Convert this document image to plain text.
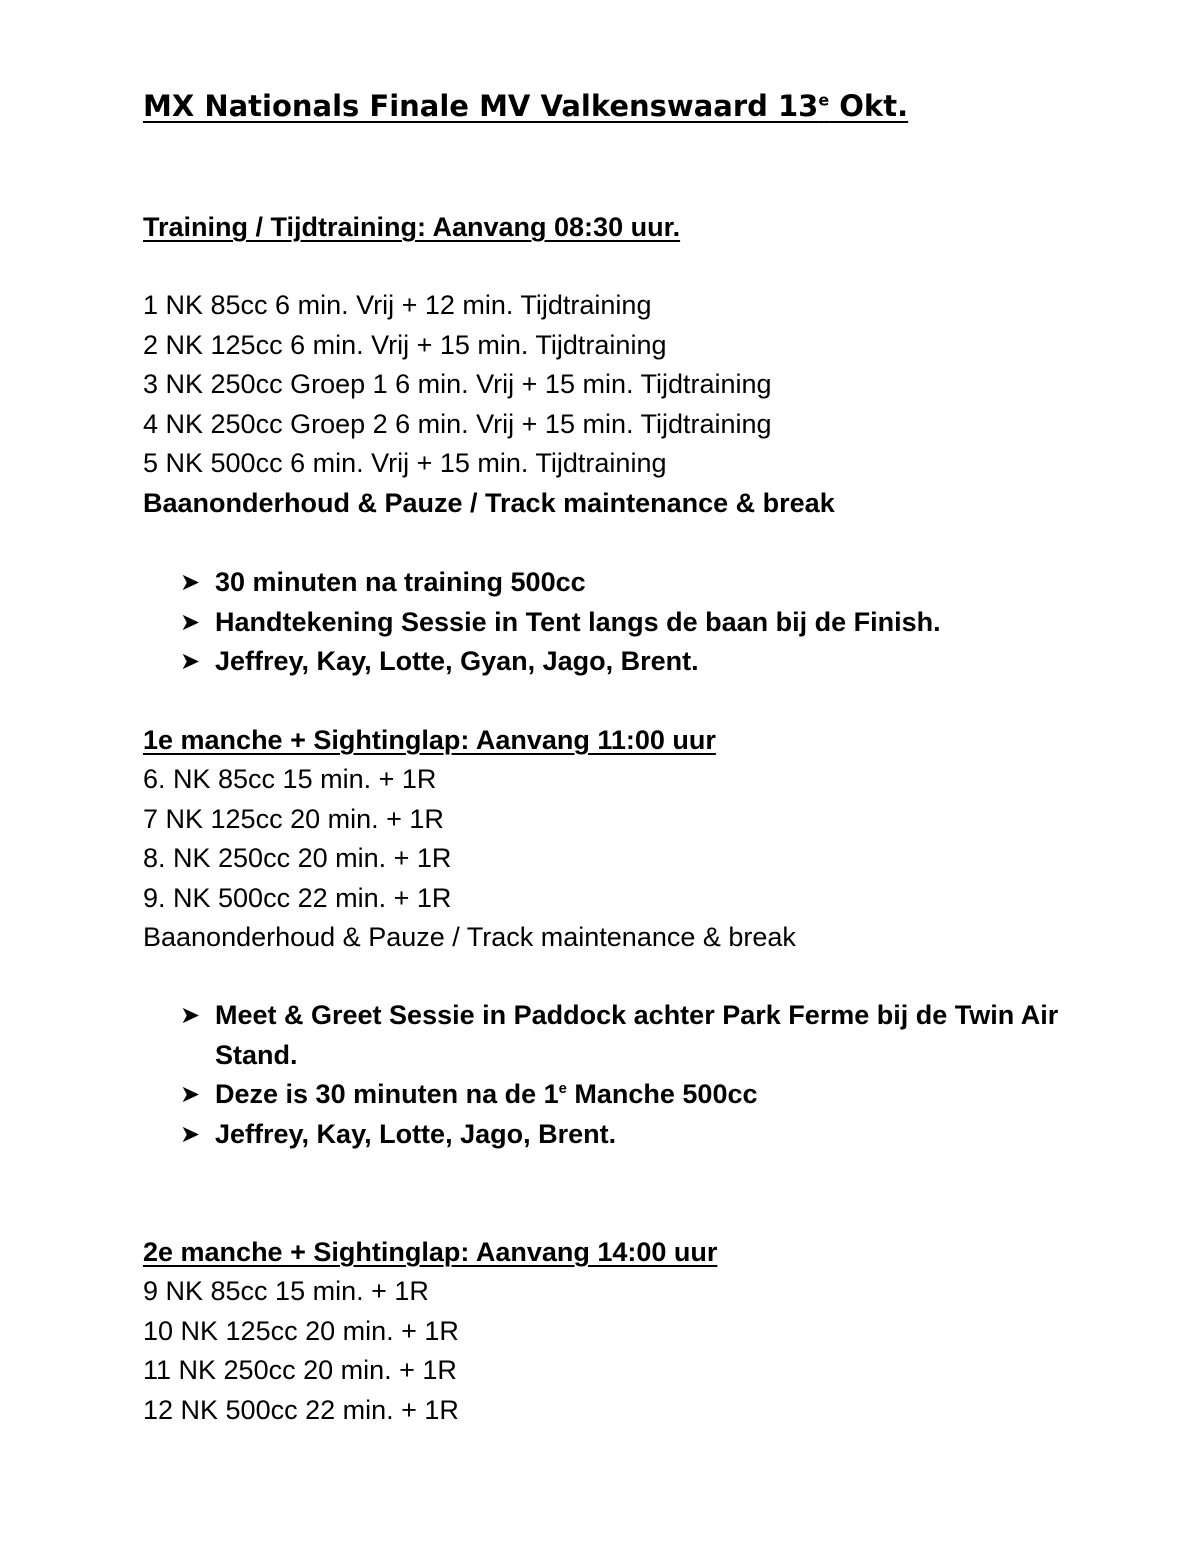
MX Nationals Finale MV Valkenswaard 13e Okt.
Training / Tijdtraining: Aanvang 08:30 uur.
1 NK 85cc 6 min. Vrij + 12 min. Tijdtraining
2 NK 125cc 6 min. Vrij + 15 min. Tijdtraining
3 NK 250cc Groep 1 6 min. Vrij + 15 min. Tijdtraining
4 NK 250cc Groep 2 6 min. Vrij + 15 min. Tijdtraining
5 NK 500cc 6 min. Vrij + 15 min. Tijdtraining
Baanonderhoud & Pauze / Track maintenance & break
➤ 30 minuten na training 500cc
➤ Handtekening Sessie in Tent langs de baan bij de Finish.
➤ Jeffrey, Kay, Lotte, Gyan, Jago, Brent.
1e manche + Sightinglap: Aanvang 11:00 uur
6. NK 85cc 15 min. + 1R
7 NK 125cc 20 min. + 1R
8. NK 250cc 20 min. + 1R
9. NK 500cc 22 min. + 1R
Baanonderhoud & Pauze / Track maintenance & break
➤ Meet & Greet Sessie in Paddock achter Park Ferme bij de Twin Air Stand.
➤ Deze is 30 minuten na de 1e Manche 500cc
➤ Jeffrey, Kay, Lotte, Jago, Brent.
2e manche + Sightinglap: Aanvang 14:00 uur
9 NK 85cc 15 min. + 1R
10 NK 125cc 20 min. + 1R
11 NK 250cc 20 min. + 1R
12 NK 500cc 22 min. + 1R
